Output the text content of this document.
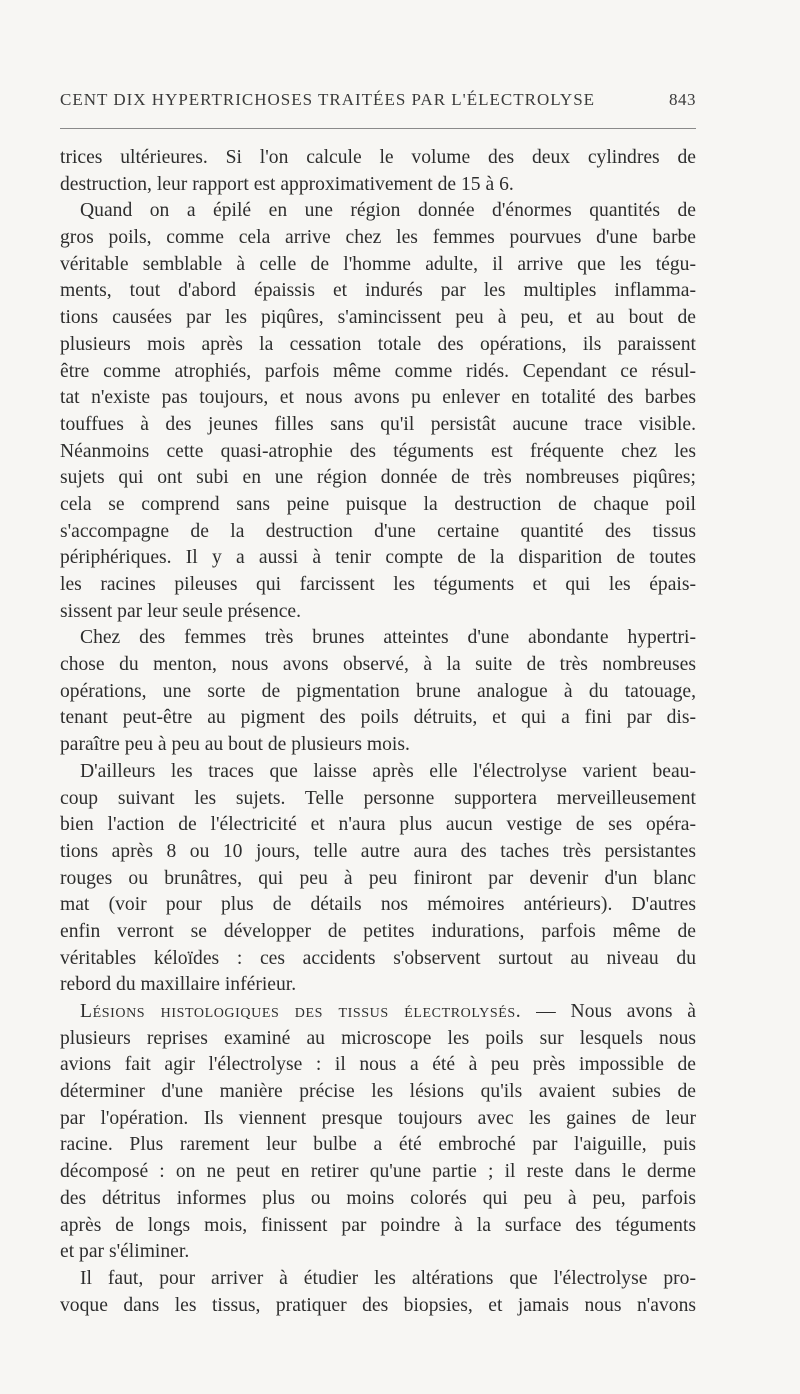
CENT DIX HYPERTRICHOSES TRAITÉES PAR L'ÉLECTROLYSE	843
trices ultérieures. Si l'on calcule le volume des deux cylindres de
destruction, leur rapport est approximativement de 15 à 6.
Quand on a épilé en une région donnée d'énormes quantités de
gros poils, comme cela arrive chez les femmes pourvues d'une barbe
véritable semblable à celle de l'homme adulte, il arrive que les tégu-
ments, tout d'abord épaissis et indurés par les multiples inflamma-
tions causées par les piqûres, s'amincissent peu à peu, et au bout de
plusieurs mois après la cessation totale des opérations, ils paraissent
être comme atrophiés, parfois même comme ridés. Cependant ce résul-
tat n'existe pas toujours, et nous avons pu enlever en totalité des barbes
touffues à des jeunes filles sans qu'il persistât aucune trace visible.
Néanmoins cette quasi-atrophie des téguments est fréquente chez les
sujets qui ont subi en une région donnée de très nombreuses piqûres;
cela se comprend sans peine puisque la destruction de chaque poil
s'accompagne de la destruction d'une certaine quantité des tissus
périphériques. Il y a aussi à tenir compte de la disparition de toutes
les racines pileuses qui farcissent les téguments et qui les épais-
sissent par leur seule présence.
Chez des femmes très brunes atteintes d'une abondante hypertri-
chose du menton, nous avons observé, à la suite de très nombreuses
opérations, une sorte de pigmentation brune analogue à du tatouage,
tenant peut-être au pigment des poils détruits, et qui a fini par dis-
paraître peu à peu au bout de plusieurs mois.
D'ailleurs les traces que laisse après elle l'électrolyse varient beau-
coup suivant les sujets. Telle personne supportera merveilleusement
bien l'action de l'électricité et n'aura plus aucun vestige de ses opéra-
tions après 8 ou 10 jours, telle autre aura des taches très persistantes
rouges ou brunâtres, qui peu à peu finiront par devenir d'un blanc
mat (voir pour plus de détails nos mémoires antérieurs). D'autres
enfin verront se développer de petites indurations, parfois même de
véritables kéloïdes : ces accidents s'observent surtout au niveau du
rebord du maxillaire inférieur.
Lésions histologiques des tissus électrolysés. — Nous avons à
plusieurs reprises examiné au microscope les poils sur lesquels nous
avions fait agir l'électrolyse : il nous a été à peu près impossible de
déterminer d'une manière précise les lésions qu'ils avaient subies de
par l'opération. Ils viennent presque toujours avec les gaines de leur
racine. Plus rarement leur bulbe a été embroché par l'aiguille, puis
décomposé : on ne peut en retirer qu'une partie ; il reste dans le derme
des détritus informes plus ou moins colorés qui peu à peu, parfois
après de longs mois, finissent par poindre à la surface des téguments
et par s'éliminer.
Il faut, pour arriver à étudier les altérations que l'électrolyse pro-
voque dans les tissus, pratiquer des biopsies, et jamais nous n'avons
